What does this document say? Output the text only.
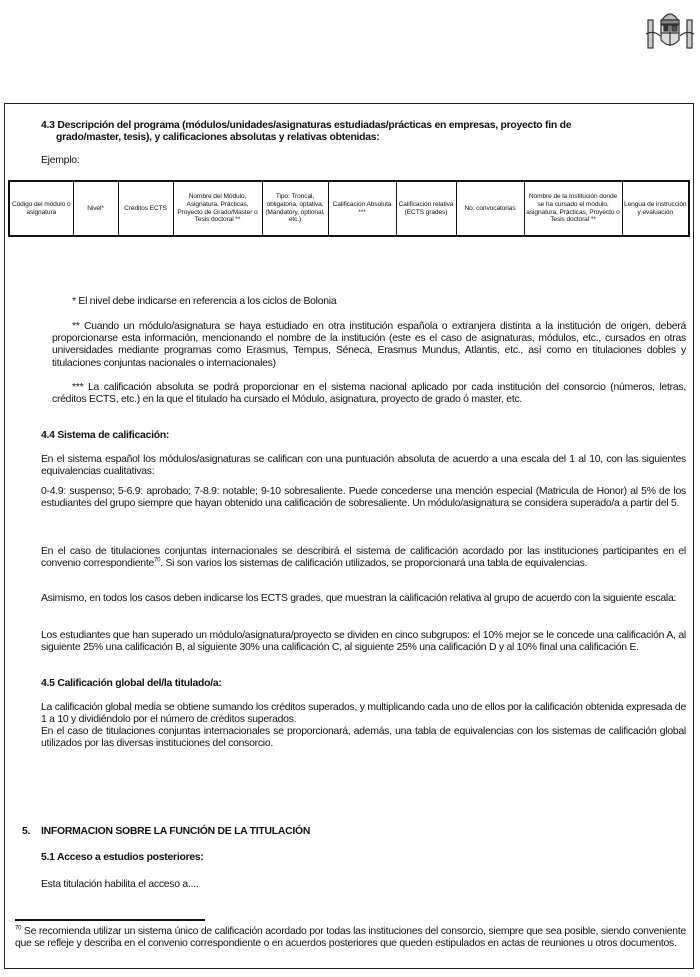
4.3 Descripción del programa (módulos/unidades/asignaturas estudiadas/prácticas en empresas, proyecto fin de
grado/master, tesis), y calificaciones absolutas y relativas obtenidas:
Ejemplo:
Código del módulo o asignatura	Nivel*	Créditos ECTS	Nombre del Módulo, Asignatura, Prácticas, Proyecto de Grado/Master o Tesis doctoral **	Tipo: Troncal, obligatoria, optativa, (Mandatory, optional, etc.)	Calificación Absoluta ***	Calificación relativa (ECTS grades)	No. convocatorias	Nombre de la Institución donde se ha cursado el módulo, asignatura, Prácticas, Proyecto o Tesis doctoral **	Lengua de instrucción y evaluación
* El nivel debe indicarse en referencia a los ciclos de Bolonia
** Cuando un módulo/asignatura se haya estudiado en otra institución española o extranjera distinta a la institución de origen, deberá proporcionarse esta información, mencionando el nombre de la institución (este es el caso de asignaturas, módulos, etc., cursados en otras universidades mediante programas como Erasmus, Tempus, Séneca, Erasmus Mundus, Atlantis, etc., así como en titulaciones dobles y titulaciones conjuntas nacionales o internacionales)
*** La calificación absoluta se podrá proporcionar en el sistema nacional aplicado por cada institución del consorcio (números, letras, créditos ECTS, etc.) en la que el titulado ha cursado el Módulo, asignatura, proyecto de grado ó master, etc.
4.4 Sistema de calificación:
En el sistema español los módulos/asignaturas se califican con una puntuación absoluta de acuerdo a una escala del 1 al 10, con las siguientes equivalencias cualitativas:
0-4.9: suspenso; 5-6.9: aprobado; 7-8.9: notable; 9-10 sobresaliente. Puede concederse una mención especial (Matricula de Honor) al 5% de los estudiantes del grupo siempre que hayan obtenido una calificación de sobresaliente. Un módulo/asignatura se considera superado/a a partir del 5.
En el caso de titulaciones conjuntas internacionales se describirá el sistema de calificación acordado por las instituciones participantes en el convenio correspondiente$^{70}$. Si son varios los sistemas de calificación utilizados, se proporcionará una tabla de equivalencias.
Asimismo, en todos los casos deben indicarse los ECTS grades, que muestran la calificación relativa al grupo de acuerdo con la siguiente escala:
Los estudiantes que han superado un módulo/asignatura/proyecto se dividen en cinco subgrupos: el 10% mejor se le concede una calificación A, al siguiente 25% una calificación B, al siguiente 30% una calificación C, al siguiente 25% una calificación D y al 10% final una calificación E.
4.5 Calificación global del/la titulado/a:
La calificación global media se obtiene sumando los créditos superados, y multiplicando cada uno de ellos por la calificación obtenida expresada de 1 a 10 y dividiéndolo por el número de créditos superados.
En el caso de titulaciones conjuntas internacionales se proporcionará, además, una tabla de equivalencias con los sistemas de calificación global utilizados por las diversas instituciones del consorcio.
5. INFORMACION SOBRE LA FUNCIÓN DE LA TITULACIÓN
5.1 Acceso a estudios posteriores:
Esta titulación habilita el acceso a....
$^{70}$ Se recomienda utilizar un sistema único de calificación acordado por todas las instituciones del consorcio, siempre que sea posible, siendo conveniente que se refleje y describa en el convenio correspondiente o en acuerdos posteriores que queden estipulados en actas de reuniones u otros documentos.
